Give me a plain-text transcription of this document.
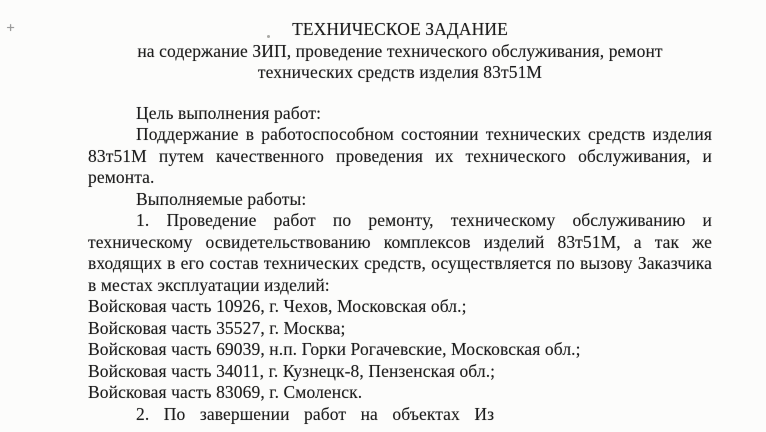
+	ТЕХНИЧЕСКОЕ ЗАДАНИЕ
на содержание ЗИП, проведение технического обслуживания, ремонт
технических средств изделия 83т51М
Цель выполнения работ:
Поддержание в работоспособном состоянии технических средств изделия 83т51М путем качественного проведения их технического обслуживания, и ремонта.
Выполняемые работы:
1. Проведение работ по ремонту, техническому обслуживанию и техническому освидетельствованию комплексов изделий 83т51М, а так же входящих в его состав технических средств, осуществляется по вызову Заказчика в местах эксплуатации изделий:
Войсковая часть 10926, г. Чехов, Московская обл.;
Войсковая часть 35527, г. Москва;
Войсковая часть 69039, н.п. Горки Рогачевские, Московская обл.;
Войсковая часть 34011, г. Кузнецк-8, Пензенская обл.;
Войсковая часть 83069, г. Смоленск.
2. По завершении работ на объектах Из
